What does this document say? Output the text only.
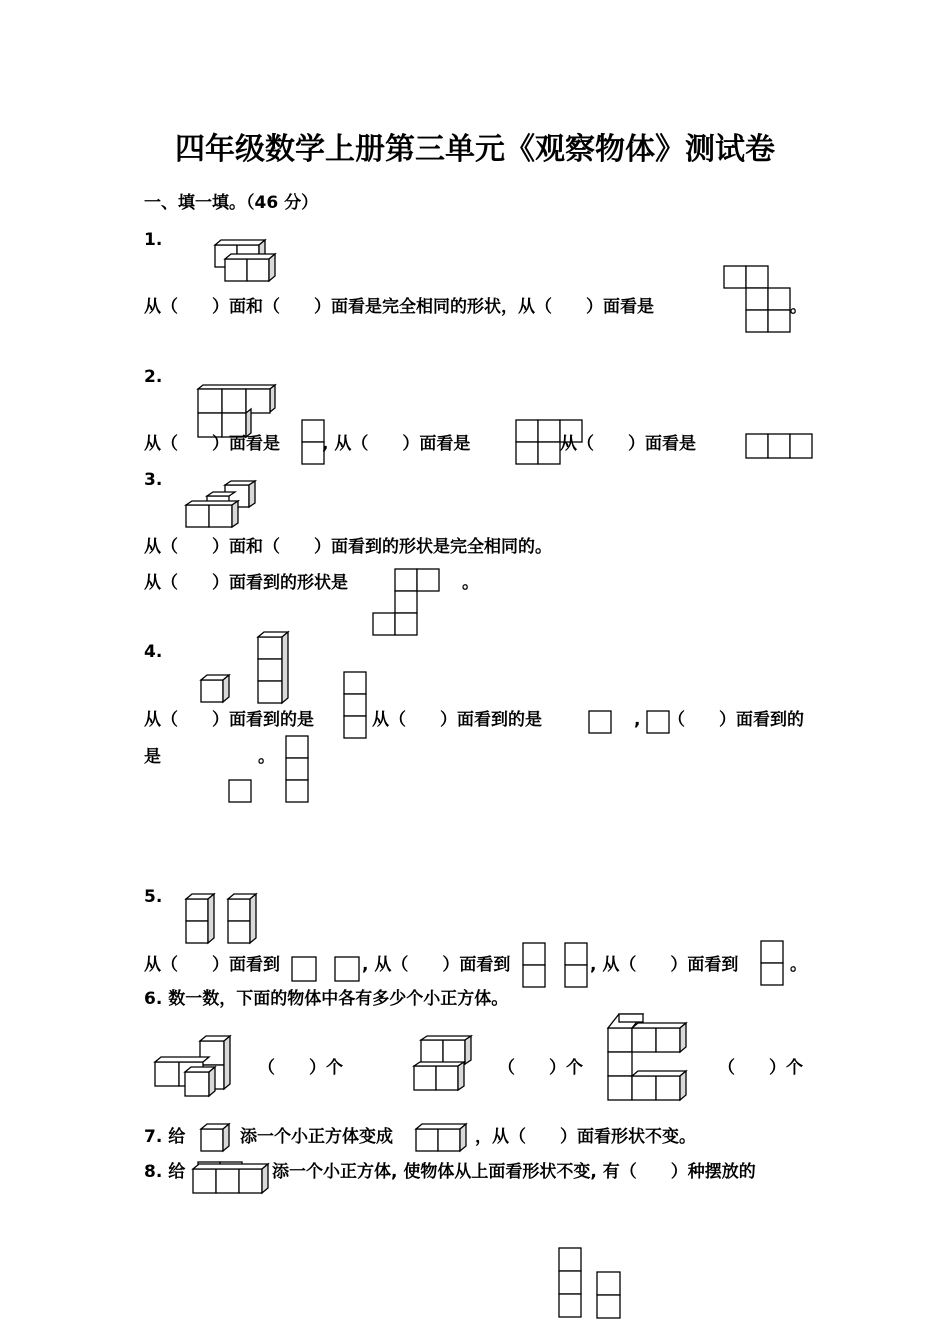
四年级数学上册第三单元《观察物体》测试卷
一、填一填。（46 分）
1.
从（　　）面和（　　）面看是完全相同的形状，从（　　）面看是	。
2.
从（　　）面看是 , 从（　　）面看是	从（　　）面看是
3.
从（　　）面和（　　）面看到的形状是完全相同的。
从（　　）面看到的形状是	。
4.
从（　　）面看到的是	从（　　）面看到的是	, （　　）面看到的
是	。
5.
从（　　）面看到	, 从（　　）面看到	, 从（　　）面看到	。
6. 数一数，下面的物体中各有多少个小正方体。
（　　）个	（　　）个	（　　）个
7. 给	添一个小正方体变成	，从（　　）面看形状不变。
8. 给	添一个小正方体, 使物体从上面看形状不变, 有（　　）种摆放的
